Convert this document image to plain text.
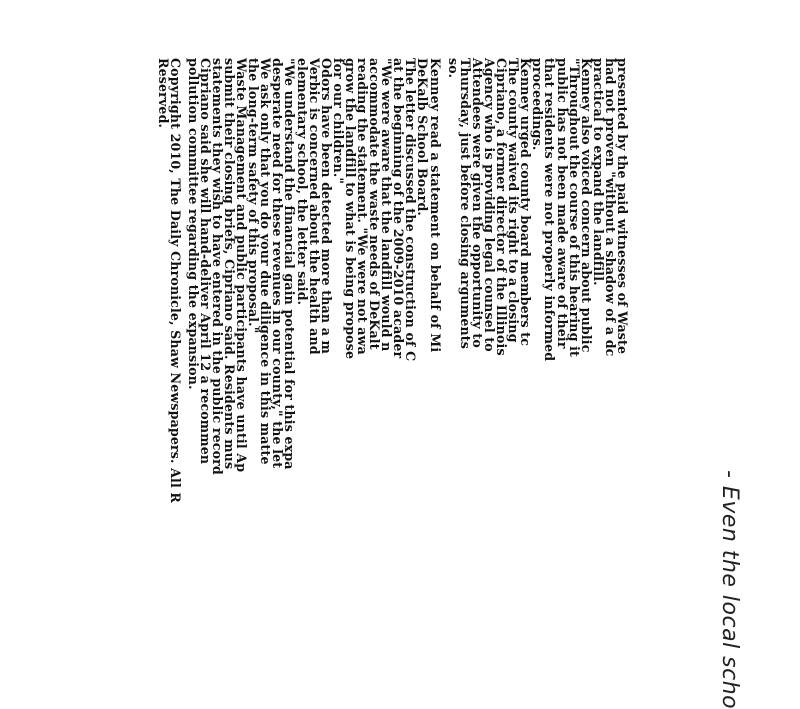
presented by the paid witnesses of Waste
had not proven "without a shadow of a dc
practical to expand the landfill.
Kenney also voiced concern about public
"Throughout the course of this hearing it
public has not been made aware of their
that residents were not properly informed
proceedings.
Kenney urged county board members tc
The county waived its right to a closing
Cipriano, a former director of the Illinois
Agency who is providing legal counsel to
Attendees were given the opportunity to
Thursday, just before closing arguments
so.
Kenney read a statement on behalf of Mi
DeKalb School Board.
The letter discussed the construction of C
at the beginning of the 2009-2010 acader
"We were aware that the landfill would n
accommodate the waste needs of DeKalt
reading the statement. "We were not awa
grow the landfill to what is being propose
for our children."
Odors have been detected more than a m
Verbic is concerned about the health and
elementary school, the letter said.
"We understand the financial gain potential for this expa
desperate need for these revenues in our county," the let
We ask only that you do your due diligence in this matte
the long-term safety of this proposal."
Waste Management and public participants have until Ap
submit their closing briefs, Cipriano said. Residents mus
statements they wish to have entered in the public record
Cipriano said she will hand-deliver April 12 a recommen
pollution committee regarding the expansion.
Copyright 2010, The Daily Chronicle, Shaw Newspapers. All R
Reserved.
- Even the local scho
